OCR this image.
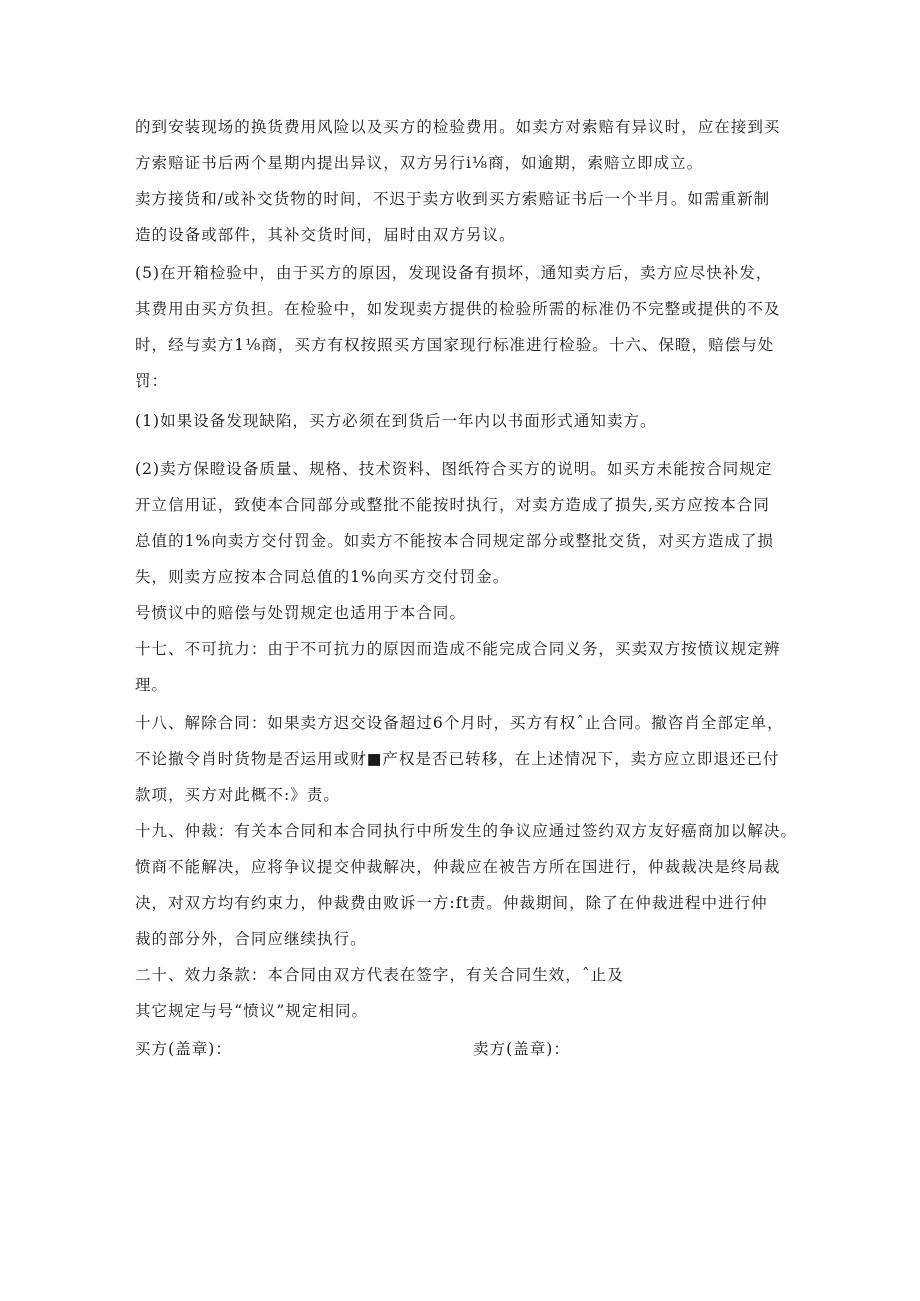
的到安装现场的换货费用风险以及买方的检验费用。如卖方对索赔有异议时，应在接到买
方索赔证书后两个星期内提出异议，双方另行i⅛商，如逾期，索赔立即成立。
卖方接货和/或补交货物的时间，不迟于卖方收到买方索赔证书后一个半月。如需重新制
造的设备或部件，其补交货时间，届时由双方另议。
(5)在开箱检验中，由于买方的原因，发现设备有损坏，通知卖方后，卖方应尽快补发，
其费用由买方负担。在检验中，如发现卖方提供的检验所需的标准仍不完整或提供的不及
时，经与卖方1⅛商，买方有权按照买方国家现行标准进行检验。十六、保瞪，赔偿与处
罚：
(1)如果设备发现缺陷，买方必须在到货后一年内以书面形式通知卖方。
(2)卖方保瞪设备质量、规格、技术资料、图纸符合买方的说明。如买方未能按合同规定
开立信用证，致使本合同部分或整批不能按时执行，对卖方造成了损失,买方应按本合同
总值的1%向卖方交付罚金。如卖方不能按本合同规定部分或整批交货，对买方造成了损
失，则卖方应按本合同总值的1%向买方交付罚金。
号愤议中的赔偿与处罚规定也适用于本合同。
十七、不可抗力：由于不可抗力的原因而造成不能完成合同义务，买卖双方按愤议规定辨
理。
十八、解除合同：如果卖方迟交设备超过6个月时，买方有权ˆ止合同。撤咨肖全部定单，
不论撤令肖时货物是否运用或财■产权是否已转移，在上述情况下，卖方应立即退还已付
款项，买方对此概不:》责。
十九、仲裁：有关本合同和本合同执行中所发生的争议应通过签约双方友好癌商加以解决。
愤商不能解决，应将争议提交仲裁解决，仲裁应在被告方所在国进行，仲裁裁决是终局裁
决，对双方均有约束力，仲裁费由败诉一方:ft责。仲裁期间，除了在仲裁进程中进行仲
裁的部分外，合同应继续执行。
二十、效力条款：本合同由双方代表在签字，有关合同生效，ˆ止及
其它规定与号“愤议”规定相同。
买方(盖章)：	卖方(盖章)：
